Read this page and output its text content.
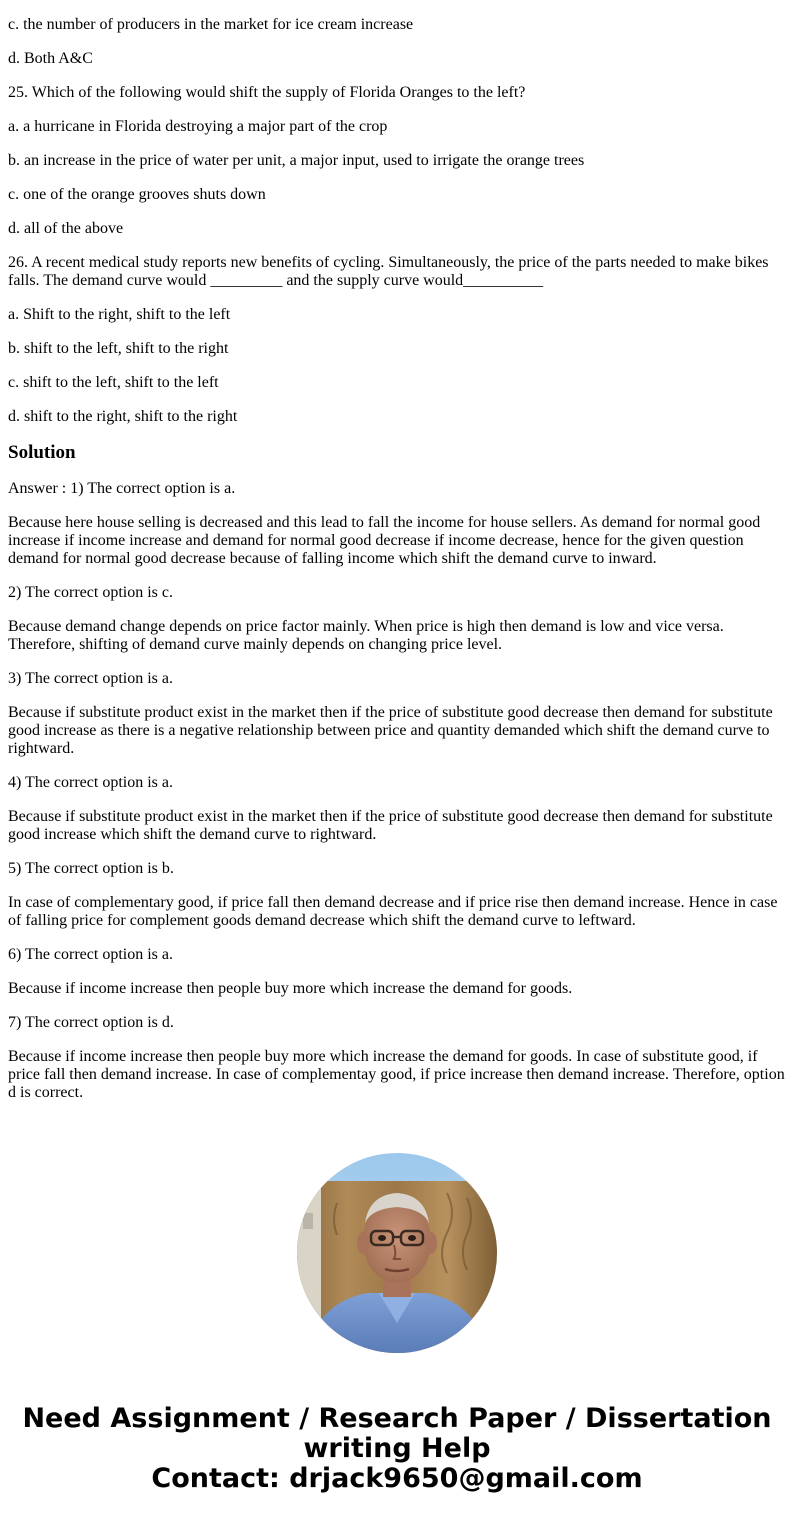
c. the number of producers in the market for ice cream increase

d. Both A&C

25. Which of the following would shift the supply of Florida Oranges to the left?

a. a hurricane in Florida destroying a major part of the crop

b. an increase in the price of water per unit, a major input, used to irrigate the orange trees

c. one of the orange grooves shuts down

d. all of the above

26. A recent medical study reports new benefits of cycling. Simultaneously, the price of the parts needed to make bikes falls. The demand curve would _________ and the supply curve would__________

a. Shift to the right, shift to the left

b. shift to the left, shift to the right

c. shift to the left, shift to the left

d. shift to the right, shift to the right

Solution

Answer : 1) The correct option is a.

Because here house selling is decreased and this lead to fall the income for house sellers. As demand for normal good increase if income increase and demand for normal good decrease if income decrease, hence for the given question demand for normal good decrease because of falling income which shift the demand curve to inward.

2) The correct option is c.

Because demand change depends on price factor mainly. When price is high then demand is low and vice versa. Therefore, shifting of demand curve mainly depends on changing price level.

3) The correct option is a.

Because if substitute product exist in the market then if the price of substitute good decrease then demand for substitute good increase as there is a negative relationship between price and quantity demanded which shift the demand curve to rightward.

4) The correct option is a.

Because if substitute product exist in the market then if the price of substitute good decrease then demand for substitute good increase which shift the demand curve to rightward.

5) The correct option is b.

In case of complementary good, if price fall then demand decrease and if price rise then demand increase. Hence in case of falling price for complement goods demand decrease which shift the demand curve to leftward.

6) The correct option is a.

Because if income increase then people buy more which increase the demand for goods.

7) The correct option is d.

Because if income increase then people buy more which increase the demand for goods. In case of substitute good, if price fall then demand increase. In case of complementay good, if price increase then demand increase. Therefore, option d is correct.

Need Assignment / Research Paper / Dissertation
writing Help
Contact: drjack9650@gmail.com
